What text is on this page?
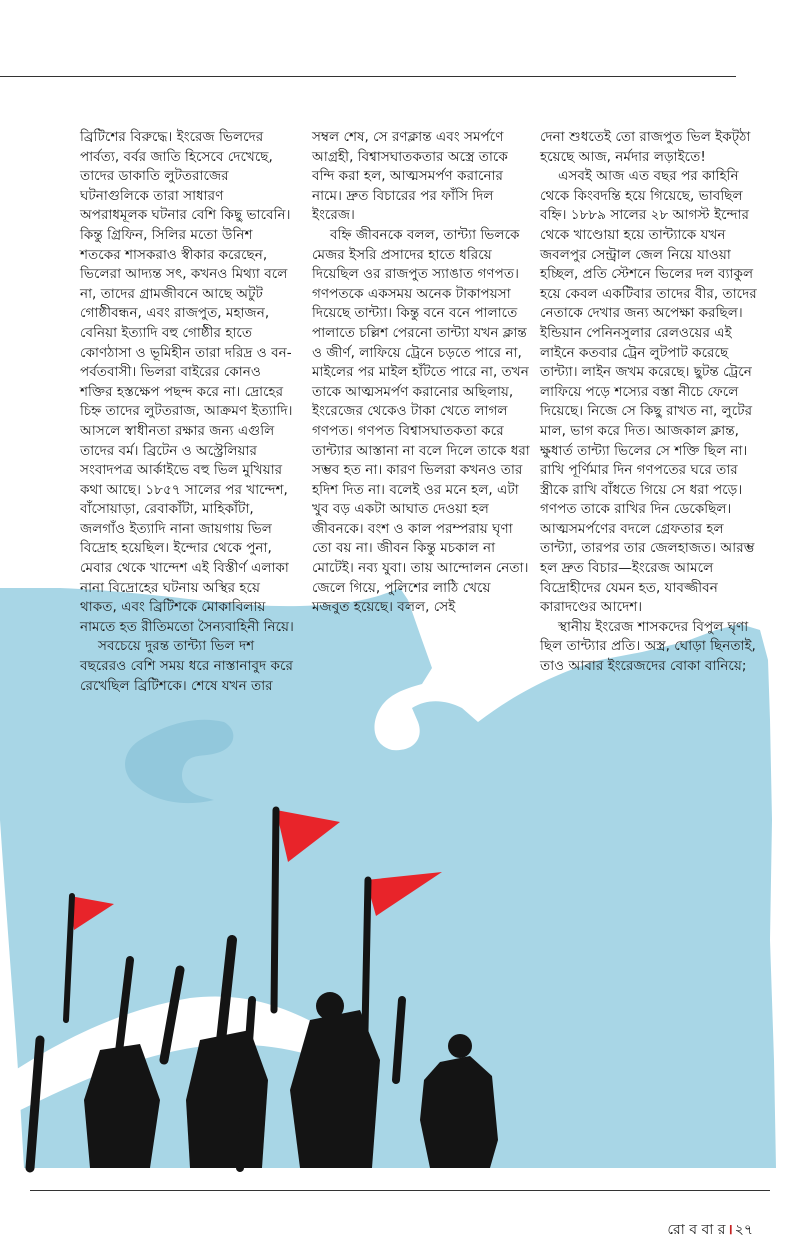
ব্রিটিশের বিরুদ্ধে। ইংরেজ ভিলদের পার্বত্য, বর্বর জাতি হিসেবে দেখেছে, তাদের ডাকাতি লুটতরাজের ঘটনাগুলিকে তারা সাধারণ অপরাধমূলক ঘটনার বেশি কিছু ভাবেনি। কিন্তু গ্রিফিন, সিলির মতো উনিশ শতকের শাসকরাও স্বীকার করেছেন, ভিলেরা আদ্যন্ত সৎ, কখনও মিথ্যা বলে না, তাদের গ্রামজীবনে আছে অটুট গোষ্ঠীবন্ধন, এবং রাজপুত, মহাজন, বেনিয়া ইত্যাদি বহু গোষ্ঠীর হাতে কোণঠাসা ও ভূমিহীন তারা দরিদ্র ও বন-পর্বতবাসী। ভিলরা বাইরের কোনও শক্তির হস্তক্ষেপ পছন্দ করে না। দ্রোহের চিহ্ন তাদের লুটতরাজ, আক্রমণ ইত্যাদি। আসলে স্বাধীনতা রক্ষার জন্য এগুলি তাদের বর্ম। ব্রিটেন ও অস্ট্রেলিয়ার সংবাদপত্র আর্কাইভে বহু ভিল মুখিয়ার কথা আছে। ১৮৫৭ সালের পর খান্দেশ, বাঁসোয়াড়া, রেবাকাঁটা, মাহিকাঁটা, জলগাঁও ইত্যাদি নানা জায়গায় ভিল বিদ্রোহ হয়েছিল। ইন্দোর থেকে পুনা, মেবার থেকে খান্দেশ এই বিস্তীর্ণ এলাকা নানা বিদ্রোহের ঘটনায় অস্থির হয়ে থাকত, এবং ব্রিটিশকে মোকাবিলায় নামতে হত রীতিমতো সৈন্যবাহিনী নিয়ে।

সবচেয়ে দুরন্ত তান্ট্যা ভিল দশ বছরেরও বেশি সময় ধরে নাস্তানাবুদ করে রেখেছিল ব্রিটিশকে। শেষে যখন তার

সম্বল শেষ, সে রণক্লান্ত এবং সমর্পণে আগ্রহী, বিশ্বাসঘাতকতার অস্ত্রে তাকে বন্দি করা হল, আত্মসমর্পণ করানোর নামে। দ্রুত বিচারের পর ফাঁসি দিল ইংরেজ।

বহ্নি জীবনকে বলল, তান্ট্যা ভিলকে মেজর ইসরি প্রসাদের হাতে ধরিয়ে দিয়েছিল ওর রাজপুত স্যাঙাত গণপত। গণপতকে একসময় অনেক টাকাপয়সা দিয়েছে তান্ট্যা। কিন্তু বনে বনে পালাতে পালাতে চল্লিশ পেরনো তান্ট্যা যখন ক্লান্ত ও জীর্ণ, লাফিয়ে ট্রেনে চড়তে পারে না, মাইলের পর মাইল হাঁটতে পারে না, তখন তাকে আত্মসমর্পণ করানোর অছিলায়, ইংরেজের থেকেও টাকা খেতে লাগল গণপত। গণপত বিশ্বাসঘাতকতা করে তান্ট্যার আস্তানা না বলে দিলে তাকে ধরা সম্ভব হত না। কারণ ভিলরা কখনও তার হদিশ দিত না। বলেই ওর মনে হল, এটা খুব বড় একটা আঘাত দেওয়া হল জীবনকে। বংশ ও কাল পরম্পরায় ঘৃণা তো বয় না। জীবন কিন্তু মচকাল না মোটেই। নব্য যুবা। তায় আন্দোলন নেতা। জেলে গিয়ে, পুলিশের লাঠি খেয়ে মজবুত হয়েছে। বলল, সেই

দেনা শুধতেই তো রাজপুত ভিল ইকট্ঠা হয়েছে আজ, নর্মদার লড়াইতে!

এসবই আজ এত বছর পর কাহিনি থেকে কিংবদন্তি হয়ে গিয়েছে, ভাবছিল বহ্নি। ১৮৮৯ সালের ২৮ আগস্ট ইন্দোর থেকে খাণ্ডোয়া হয়ে তান্ট্যাকে যখন জবলপুর সেন্ট্রাল জেল নিয়ে যাওয়া হচ্ছিল, প্রতি স্টেশনে ভিলের দল ব্যাকুল হয়ে কেবল একটিবার তাদের বীর, তাদের নেতাকে দেখার জন্য অপেক্ষা করছিল। ইন্ডিয়ান পেনিনসুলার রেলওয়ের এই লাইনে কতবার ট্রেন লুটপাট করেছে তান্ট্যা। লাইন জখম করেছে। ছুটন্ত ট্রেনে লাফিয়ে পড়ে শস্যের বস্তা নীচে ফেলে দিয়েছে। নিজে সে কিছু রাখত না, লুটের মাল, ভাগ করে দিত। আজকাল ক্লান্ত, ক্ষুধার্ত তান্ট্যা ভিলের সে শক্তি ছিল না। রাখি পূর্ণিমার দিন গণপতের ঘরে তার স্ত্রীকে রাখি বাঁধতে গিয়ে সে ধরা পড়ে। গণপত তাকে রাখির দিন ডেকেছিল। আত্মসমর্পণের বদলে গ্রেফতার হল তান্ট্যা, তারপর তার জেলহাজত। আরম্ভ হল দ্রুত বিচার—ইংরেজ আমলে বিদ্রোহীদের যেমন হত, যাবজ্জীবন কারাদণ্ডের আদেশ।

স্থানীয় ইংরেজ শাসকদের বিপুল ঘৃণা ছিল তান্ট্যার প্রতি। অস্ত্র, ঘোড়া ছিনতাই, তাও আবার ইংরেজদের বোকা বানিয়ে;

রো ব বা র । ২৭
